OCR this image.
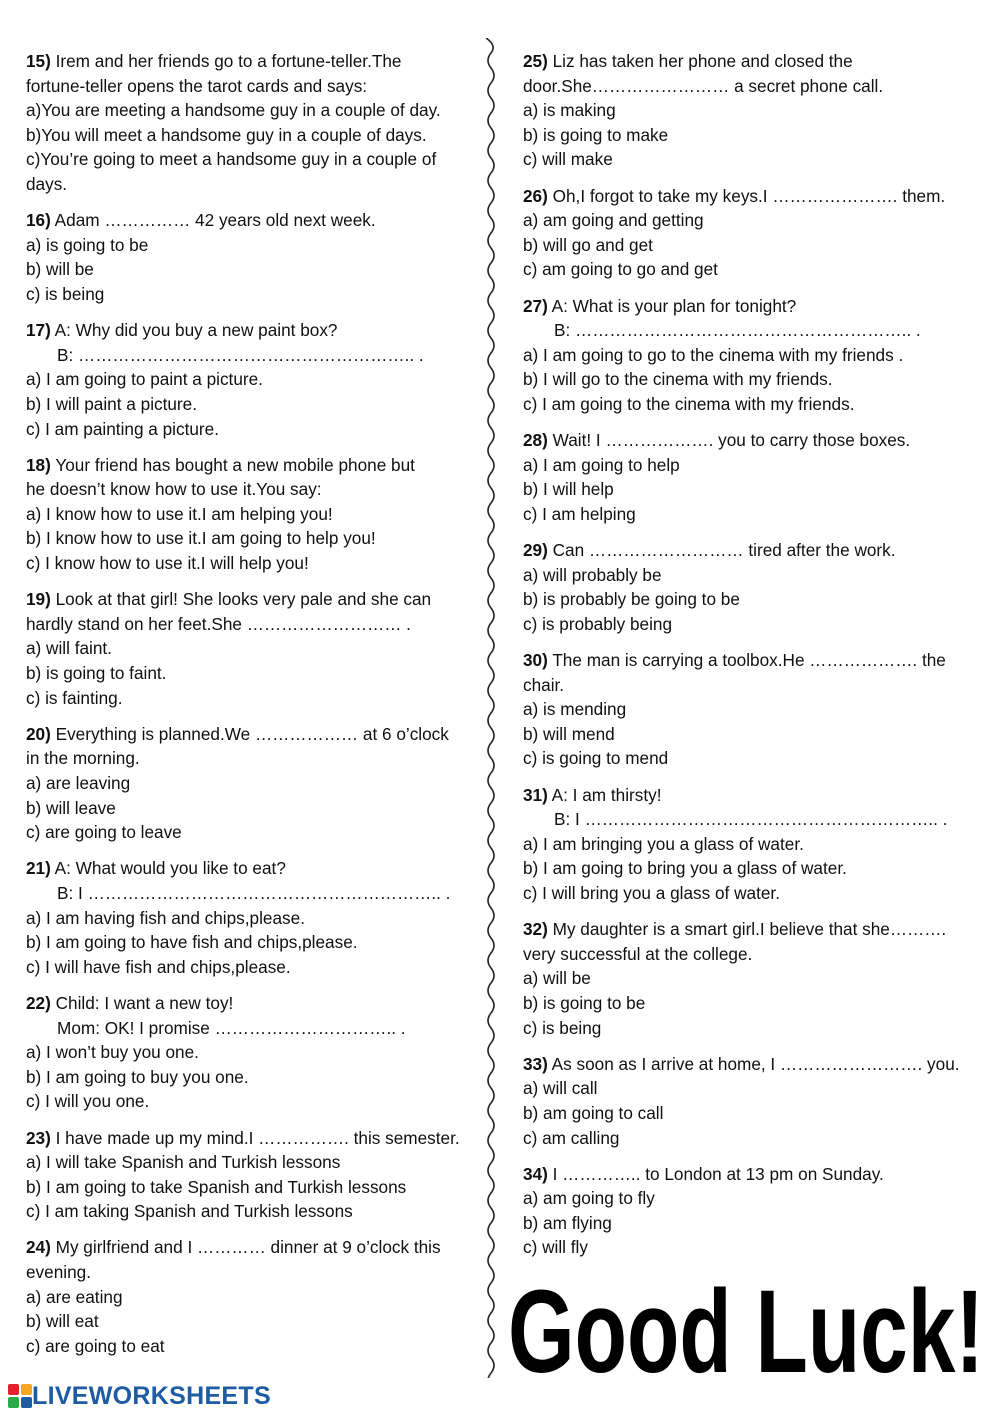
15) Irem and her friends go to a fortune-teller.The
fortune-teller opens the tarot cards and says:
a)You are meeting a handsome guy in a couple of day.
b)You will meet a handsome guy in a couple of days.
c)You’re going to meet a handsome guy in a couple of
days.
16) Adam …………… 42 years old next week.
a) is going to be
b) will be
c) is being
17) A: Why did you buy a new paint box?
B: ………………………………………………….. .
a) I am going to paint a picture.
b) I will paint a picture.
c) I am painting a picture.
18) Your friend has bought a new mobile phone but
he doesn’t know how to use it.You say:
a) I know how to use it.I am helping you!
b) I know how to use it.I am going to help you!
c) I know how to use it.I will help you!
19) Look at that girl! She looks very pale and she can
hardly stand on her feet.She ……………………… .
a) will faint.
b) is going to faint.
c) is fainting.
20) Everything is planned.We ……………… at 6 o’clock
in the morning.
a) are leaving
b) will leave
c) are going to leave
21) A: What would you like to eat?
B: I …………………………………………………….. .
a) I am having fish and chips,please.
b) I am going to have fish and chips,please.
c) I will have fish and chips,please.
22) Child: I want a new toy!
Mom: OK! I promise ………………………….. .
a) I won’t buy you one.
b) I am going to buy you one.
c) I will you one.
23) I have made up my mind.I ……………. this semester.
a) I will take Spanish and Turkish lessons
b) I am going to take Spanish and Turkish lessons
c) I am taking Spanish and Turkish lessons
24) My girlfriend and I ………… dinner at 9 o’clock this
evening.
a) are eating
b) will eat
c) are going to eat
25) Liz has taken her phone and closed the
door.She…………………… a secret phone call.
a) is making
b) is going to make
c) will make
26) Oh,I forgot to take my keys.I …………………. them.
a) am going and getting
b) will go and get
c) am going to go and get
27) A: What is your plan for tonight?
B: ………………………………………………….. .
a) I am going to go to the cinema with my friends .
b) I will go to the cinema with my friends.
c) I am going to the cinema with my friends.
28) Wait! I ………………. you to carry those boxes.
a) I am going to help
b) I will help
c) I am helping
29) Can ……………………… tired after the work.
a) will probably be
b) is probably be going to be
c) is probably being
30) The man is carrying a toolbox.He ………………. the
chair.
a) is mending
b) will mend
c) is going to mend
31) A: I am thirsty!
B: I …………………………………………………….. .
a) I am bringing you a glass of water.
b) I am going to bring you a glass of water.
c) I will bring you a glass of water.
32) My daughter is a smart girl.I believe that she……….
very successful at the college.
a) will be
b) is going to be
c) is being
33) As soon as I arrive at home, I ……………………. you.
a) will call
b) am going to call
c) am calling
34) I ………….. to London at 13 pm on Sunday.
a) am going to fly
b) am flying
c) will fly
Good Luck!
LIVEWORKSHEETS
